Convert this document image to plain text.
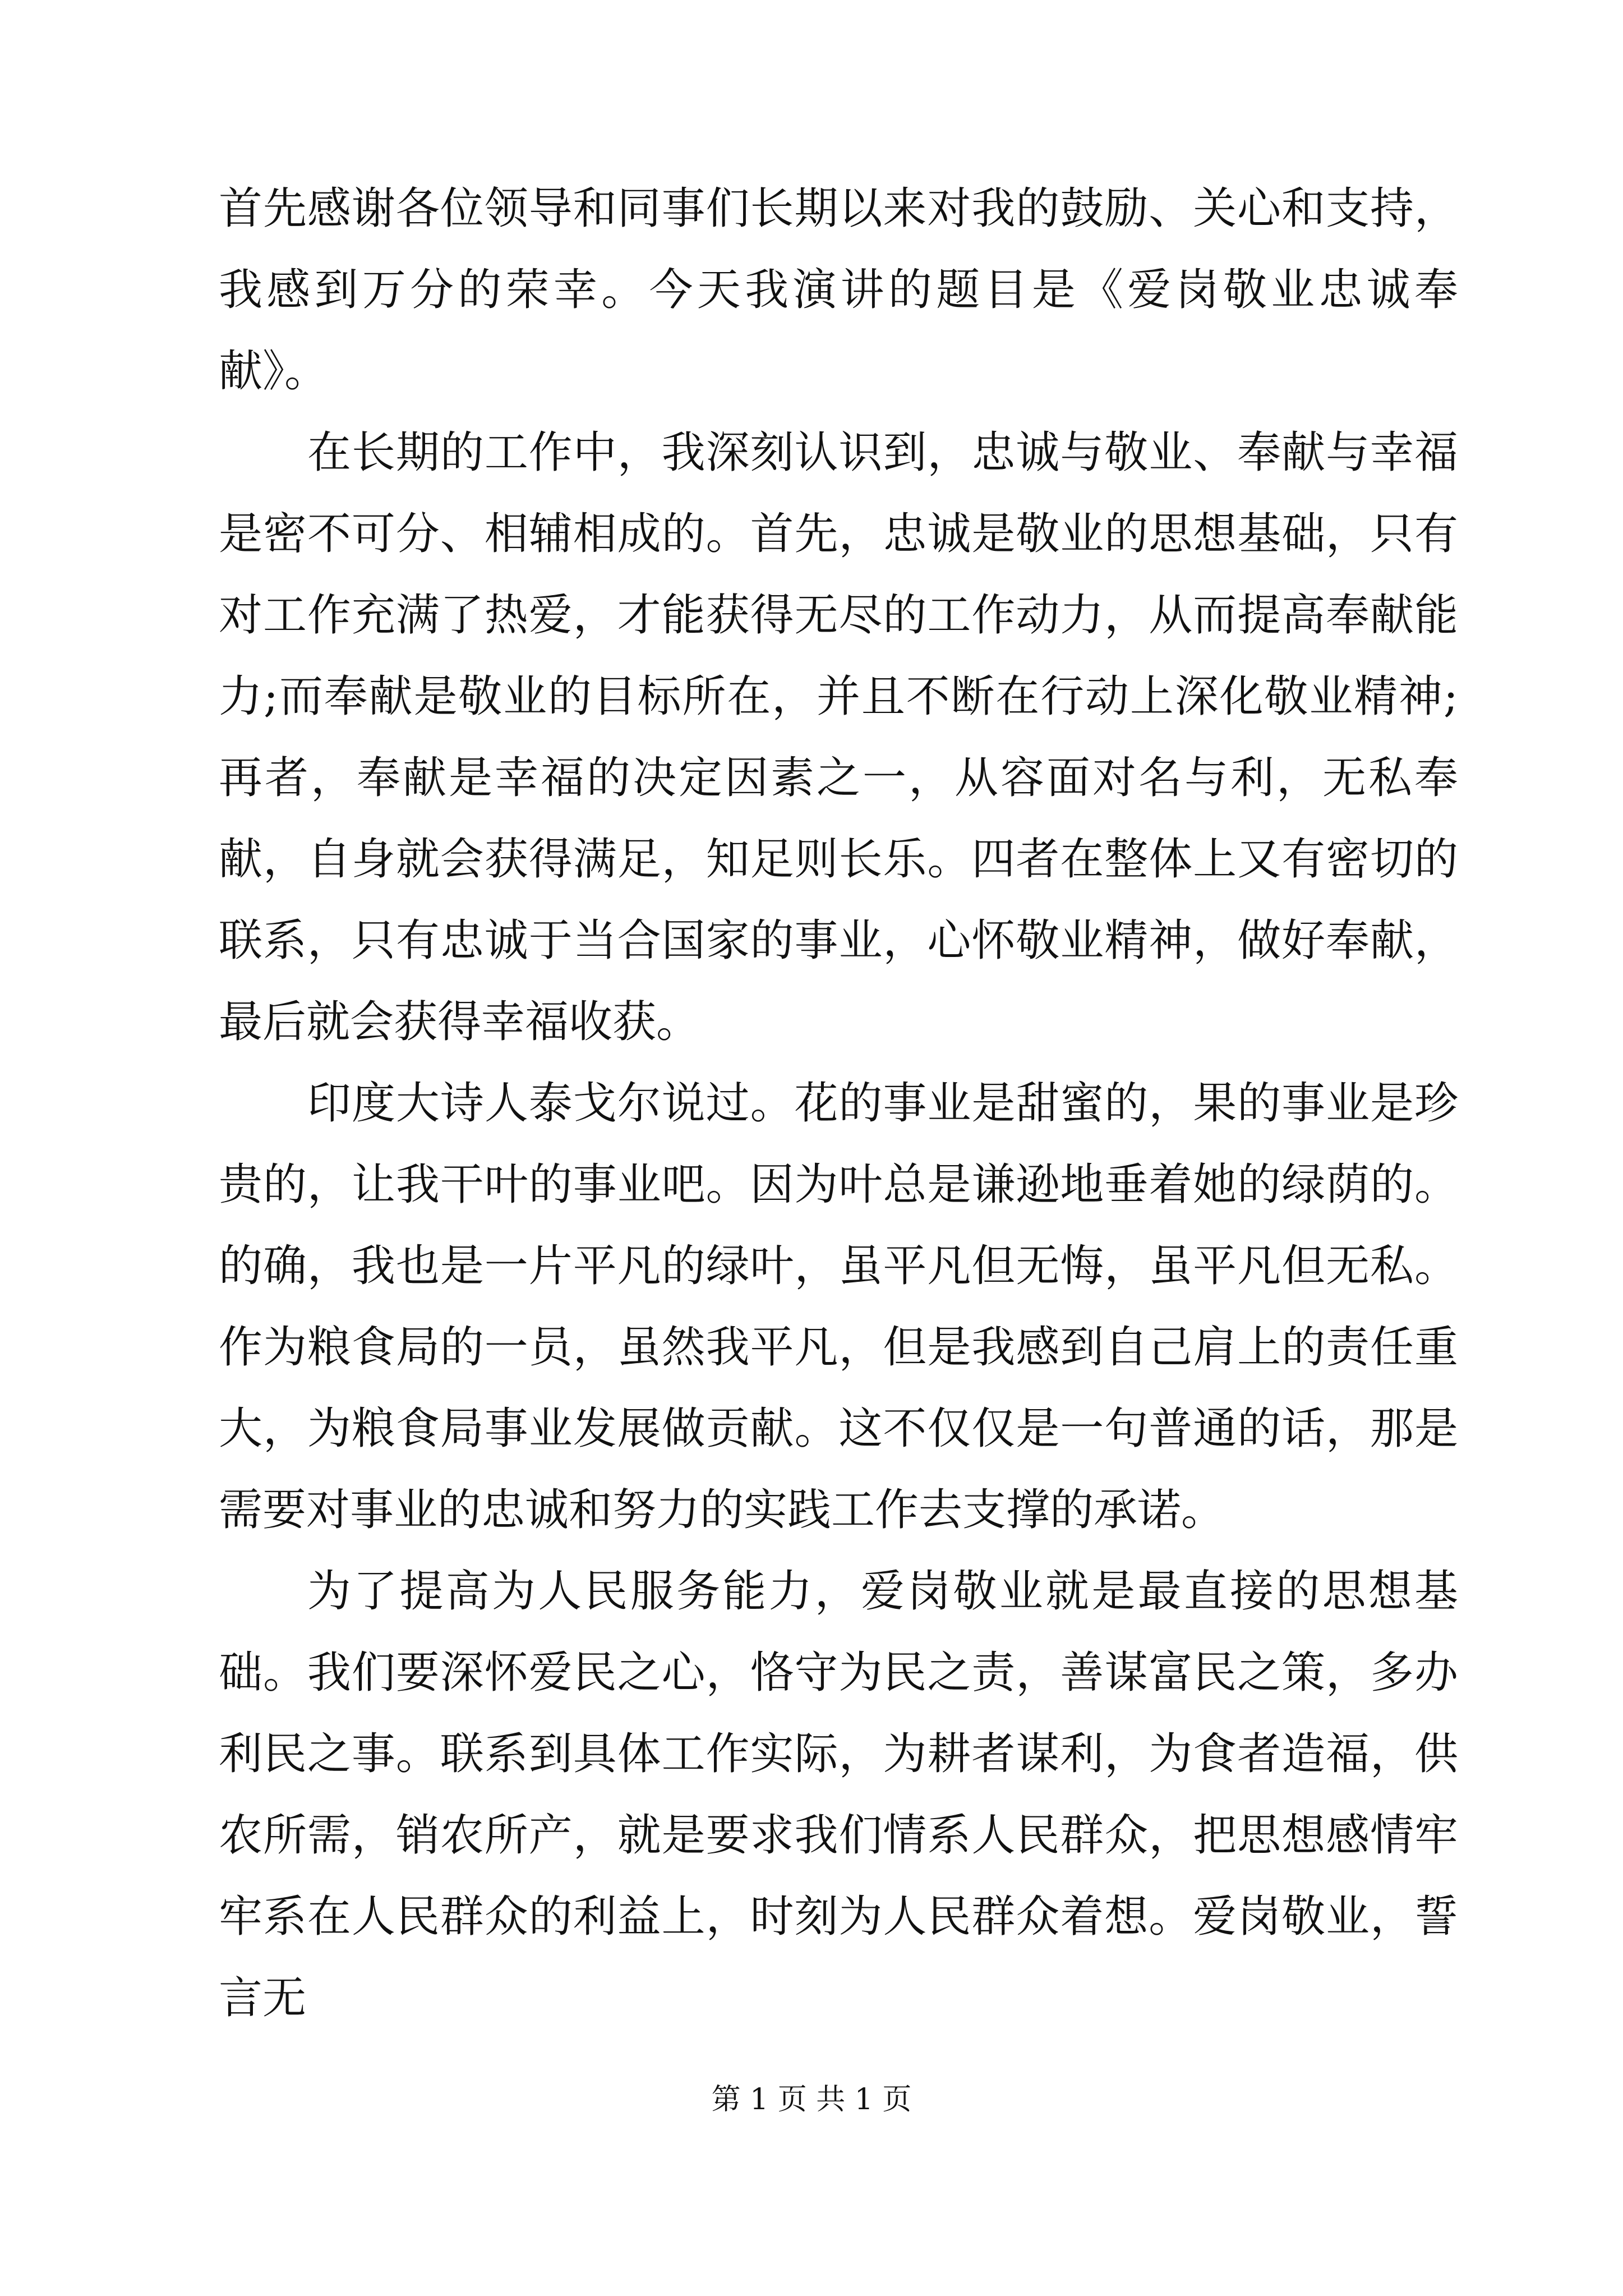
首先感谢各位领导和同事们长期以来对我的鼓励、关心和支持，我感到万分的荣幸。今天我演讲的题目是《爱岗敬业忠诚奉献》。

在长期的工作中，我深刻认识到，忠诚与敬业、奉献与幸福是密不可分、相辅相成的。首先，忠诚是敬业的思想基础，只有对工作充满了热爱，才能获得无尽的工作动力，从而提高奉献能力;而奉献是敬业的目标所在，并且不断在行动上深化敬业精神;再者，奉献是幸福的决定因素之一，从容面对名与利，无私奉献，自身就会获得满足，知足则长乐。四者在整体上又有密切的联系，只有忠诚于当合国家的事业，心怀敬业精神，做好奉献，最后就会获得幸福收获。

印度大诗人泰戈尔说过。花的事业是甜蜜的，果的事业是珍贵的，让我干叶的事业吧。因为叶总是谦逊地垂着她的绿荫的。的确，我也是一片平凡的绿叶，虽平凡但无悔，虽平凡但无私。作为粮食局的一员，虽然我平凡，但是我感到自己肩上的责任重大，为粮食局事业发展做贡献。这不仅仅是一句普通的话，那是需要对事业的忠诚和努力的实践工作去支撑的承诺。

为了提高为人民服务能力，爱岗敬业就是最直接的思想基础。我们要深怀爱民之心，恪守为民之责，善谋富民之策，多办利民之事。联系到具体工作实际，为耕者谋利，为食者造福，供农所需，销农所产，就是要求我们情系人民群众，把思想感情牢牢系在人民群众的利益上，时刻为人民群众着想。爱岗敬业，誓言无

第 1 页 共 1 页
